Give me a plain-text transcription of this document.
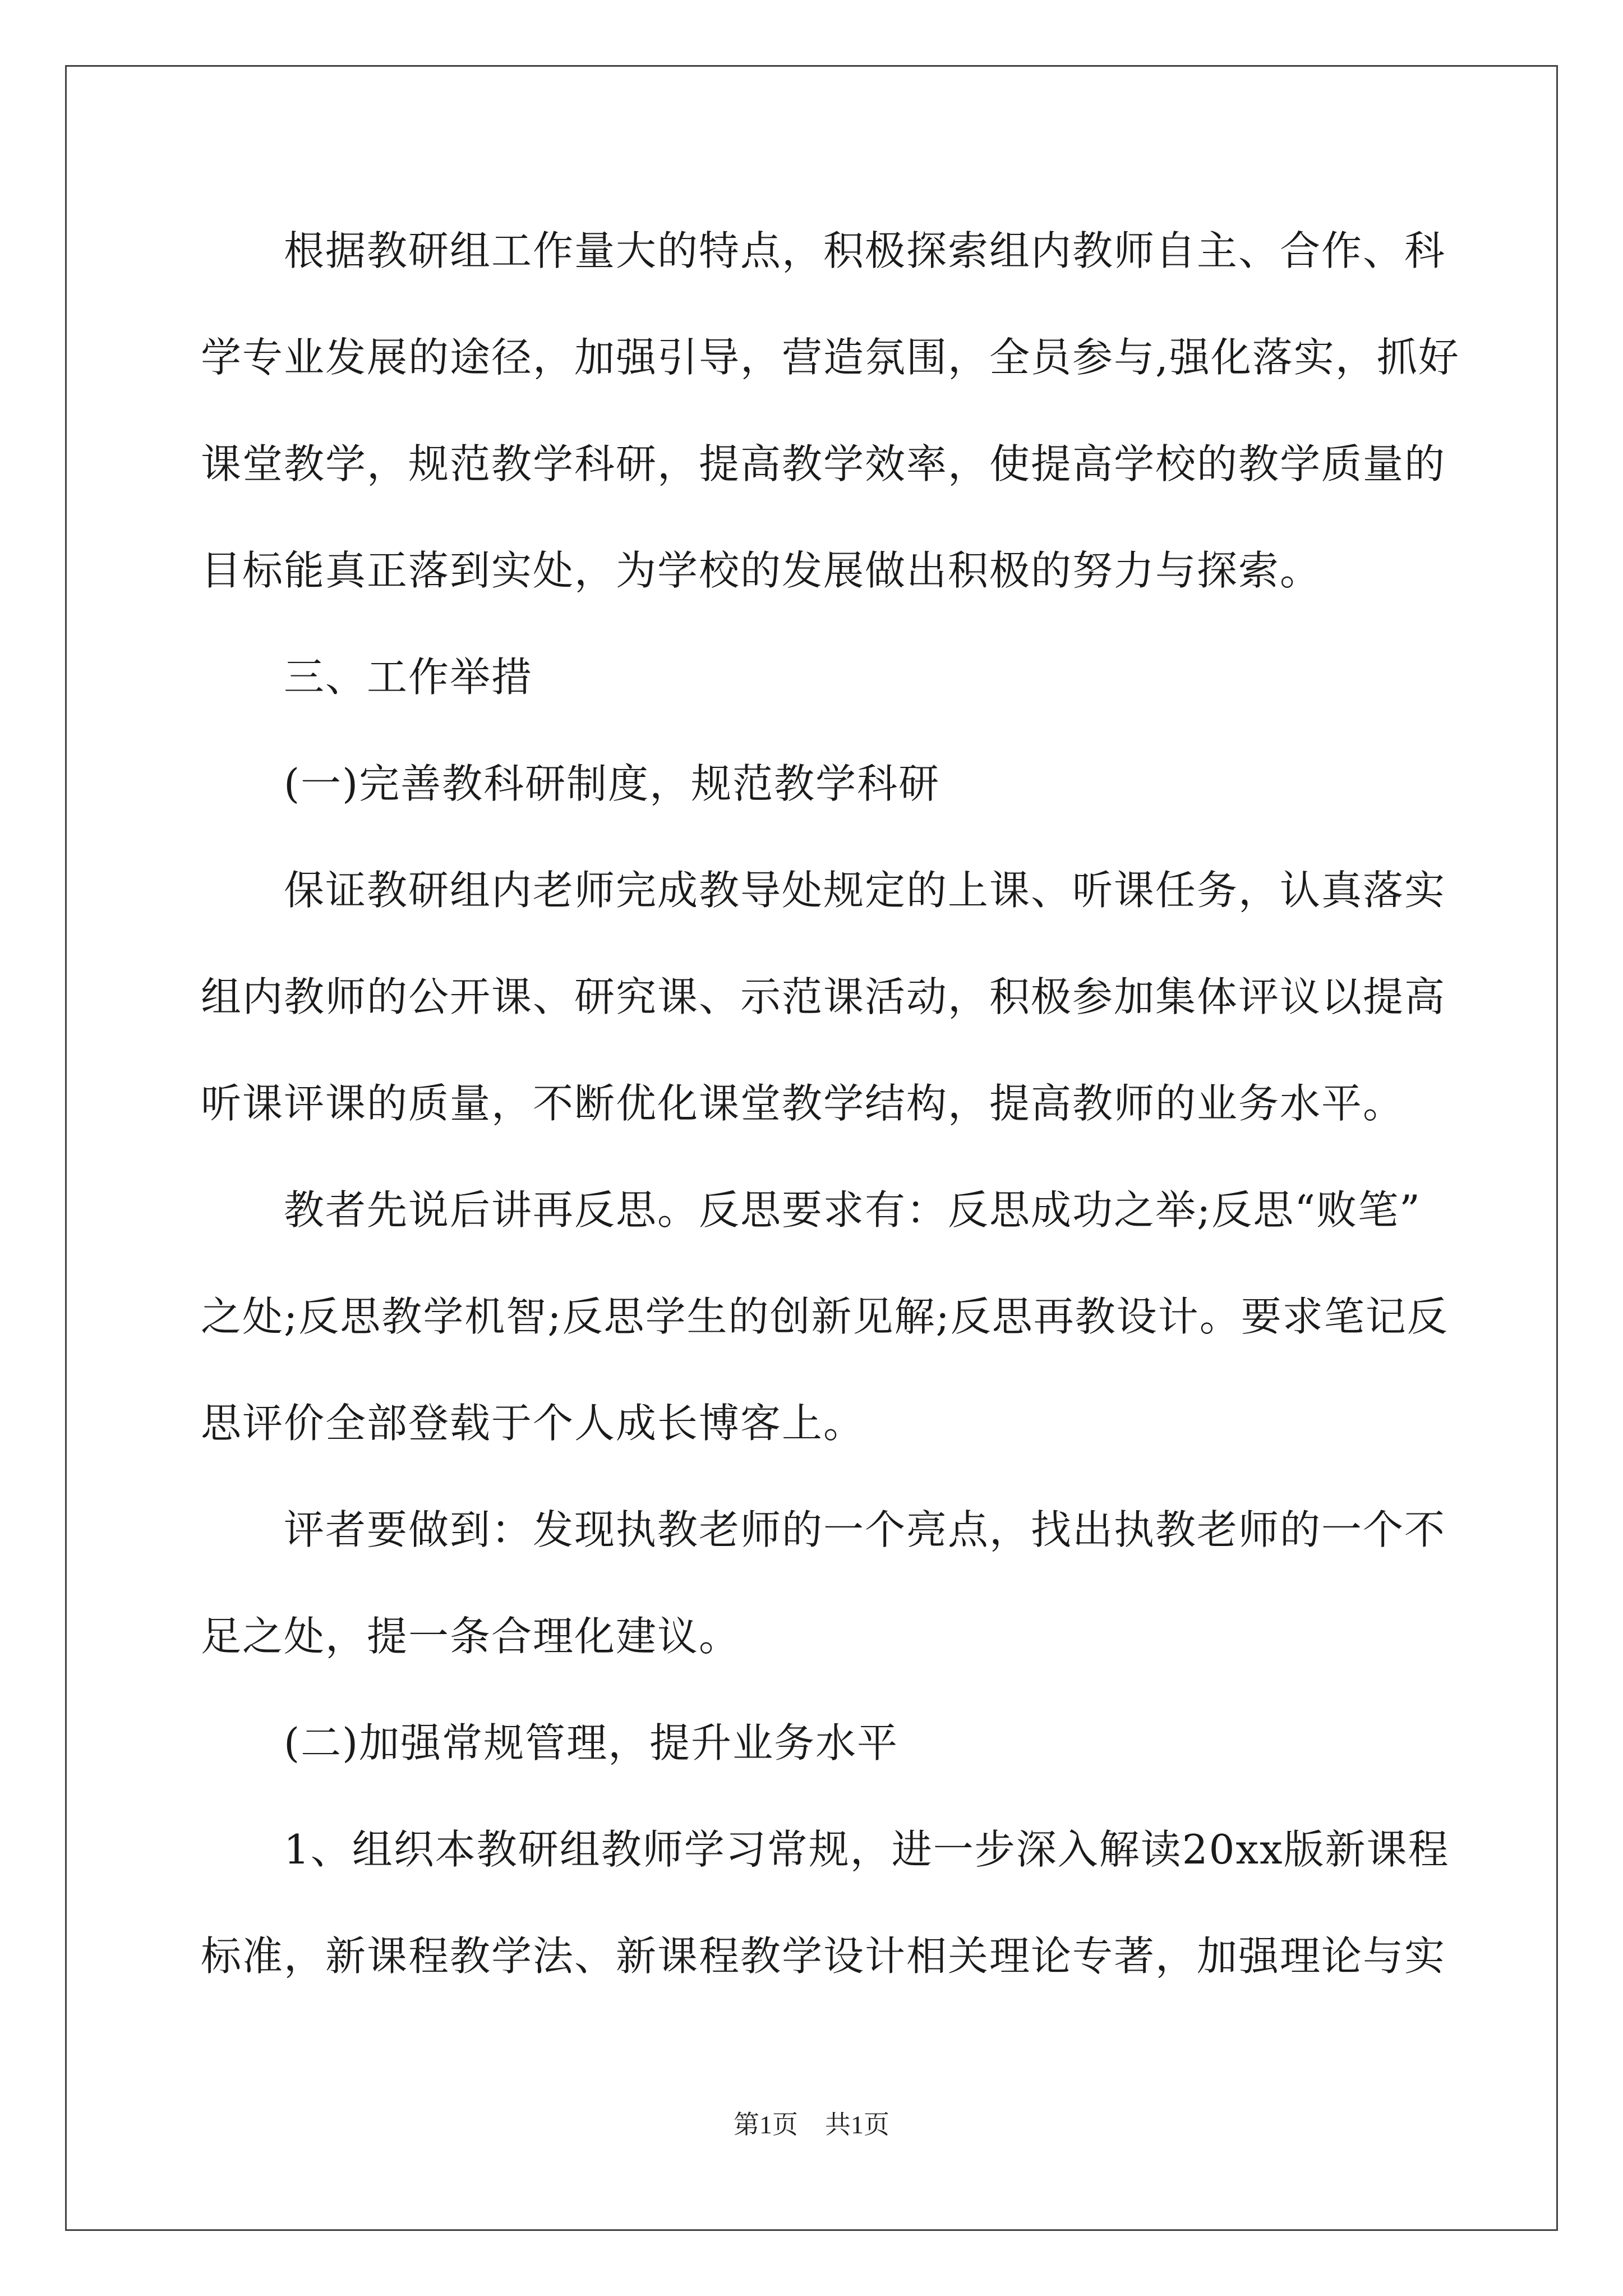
根据教研组工作量大的特点，积极探索组内教师自主、合作、科
学专业发展的途径，加强引导，营造氛围，全员参与,强化落实，抓好
课堂教学，规范教学科研，提高教学效率，使提高学校的教学质量的
目标能真正落到实处，为学校的发展做出积极的努力与探索。
三、工作举措
(一)完善教科研制度，规范教学科研
保证教研组内老师完成教导处规定的上课、听课任务，认真落实
组内教师的公开课、研究课、示范课活动，积极参加集体评议以提高
听课评课的质量，不断优化课堂教学结构，提高教师的业务水平。
教者先说后讲再反思。反思要求有：反思成功之举;反思“败笔”
之处;反思教学机智;反思学生的创新见解;反思再教设计。要求笔记反
思评价全部登载于个人成长博客上。
评者要做到：发现执教老师的一个亮点，找出执教老师的一个不
足之处，提一条合理化建议。
(二)加强常规管理，提升业务水平
1、组织本教研组教师学习常规，进一步深入解读20xx版新课程
标准，新课程教学法、新课程教学设计相关理论专著，加强理论与实
第1页 共1页
